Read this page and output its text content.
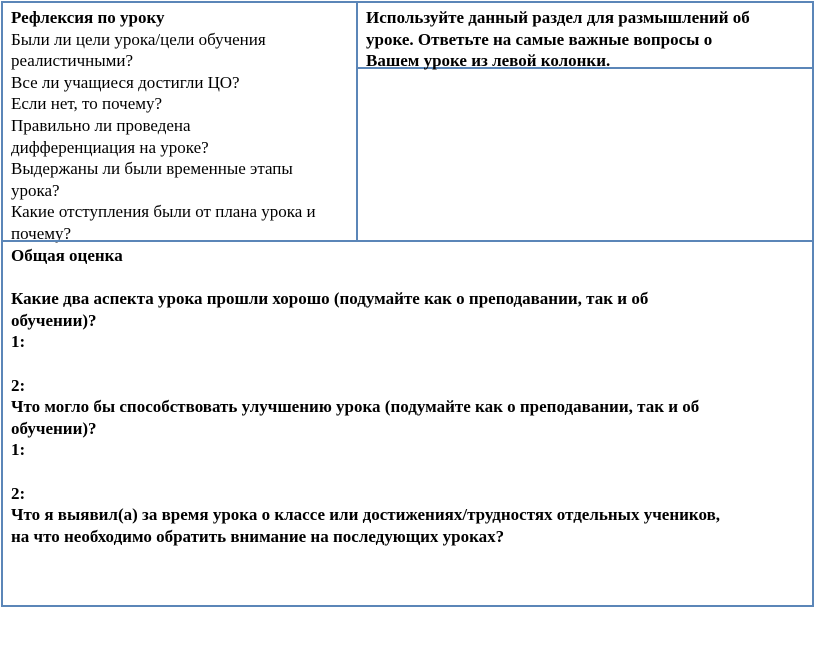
Рефлексия по уроку
Были ли цели урока/цели обучения
реалистичными?
Все ли учащиеся достигли ЦО?
Если нет, то почему?
Правильно ли проведена
дифференциация на уроке?
Выдержаны ли были временные этапы
урока?
Какие отступления были от плана урока и
почему?
Используйте данный раздел для размышлений об
уроке. Ответьте на самые важные вопросы о
Вашем уроке из левой колонки.
Общая оценка
Какие два аспекта урока прошли хорошо (подумайте как о преподавании, так и об
обучении)?
1:
2:
Что могло бы способствовать улучшению урока (подумайте как о преподавании, так и об
обучении)?
1:
2:
Что я выявил(а) за время урока о классе или достижениях/трудностях отдельных учеников,
на что необходимо обратить внимание на последующих уроках?
